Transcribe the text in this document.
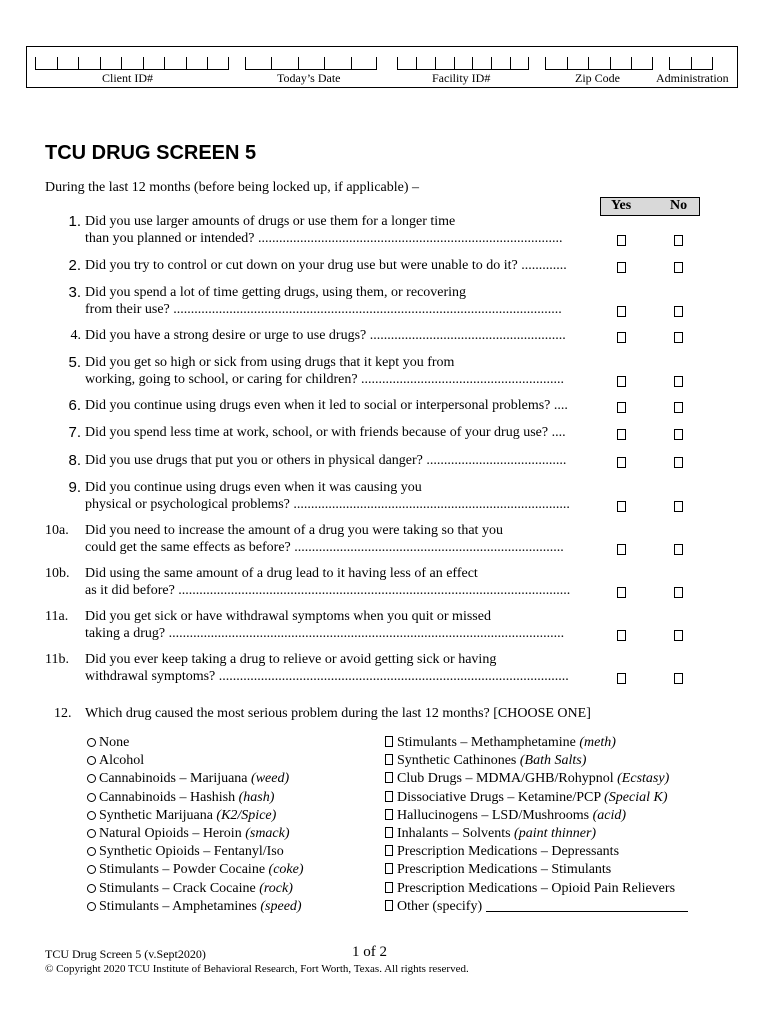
Client ID#	Today’s Date	Facility ID#	Zip Code	Administration
TCU DRUG SCREEN 5
During the last 12 months (before being locked up, if applicable) –
Yes	No
1. Did you use larger amounts of drugs or use them for a longer time
than you planned or intended? .......................................................................................
2. Did you try to control or cut down on your drug use but were unable to do it? .............
3. Did you spend a lot of time getting drugs, using them, or recovering
from their use? ...............................................................................................................
4. Did you have a strong desire or urge to use drugs? ........................................................
5. Did you get so high or sick from using drugs that it kept you from
working, going to school, or caring for children? ..........................................................
6. Did you continue using drugs even when it led to social or interpersonal problems? ....
7. Did you spend less time at work, school, or with friends because of your drug use? ....
8. Did you use drugs that put you or others in physical danger? ........................................
9. Did you continue using drugs even when it was causing you
physical or psychological problems? ...............................................................................
10a. Did you need to increase the amount of a drug you were taking so that you
could get the same effects as before? .............................................................................
10b. Did using the same amount of a drug lead to it having less of an effect
as it did before? ................................................................................................................
11a. Did you get sick or have withdrawal symptoms when you quit or missed
taking a drug? .................................................................................................................
11b. Did you ever keep taking a drug to relieve or avoid getting sick or having
withdrawal symptoms? ....................................................................................................
12. Which drug caused the most serious problem during the last 12 months? [CHOOSE ONE]
None
Alcohol
Cannabinoids – Marijuana (weed)
Cannabinoids – Hashish (hash)
Synthetic Marijuana (K2/Spice)
Natural Opioids – Heroin (smack)
Synthetic Opioids – Fentanyl/Iso
Stimulants – Powder Cocaine (coke)
Stimulants – Crack Cocaine (rock)
Stimulants – Amphetamines (speed)
Stimulants – Methamphetamine (meth)
Synthetic Cathinones (Bath Salts)
Club Drugs – MDMA/GHB/Rohypnol (Ecstasy)
Dissociative Drugs – Ketamine/PCP (Special K)
Hallucinogens – LSD/Mushrooms (acid)
Inhalants – Solvents (paint thinner)
Prescription Medications – Depressants
Prescription Medications – Stimulants
Prescription Medications – Opioid Pain Relievers
Other (specify)
TCU Drug Screen 5 (v.Sept2020)	1 of 2
© Copyright 2020 TCU Institute of Behavioral Research, Fort Worth, Texas. All rights reserved.
